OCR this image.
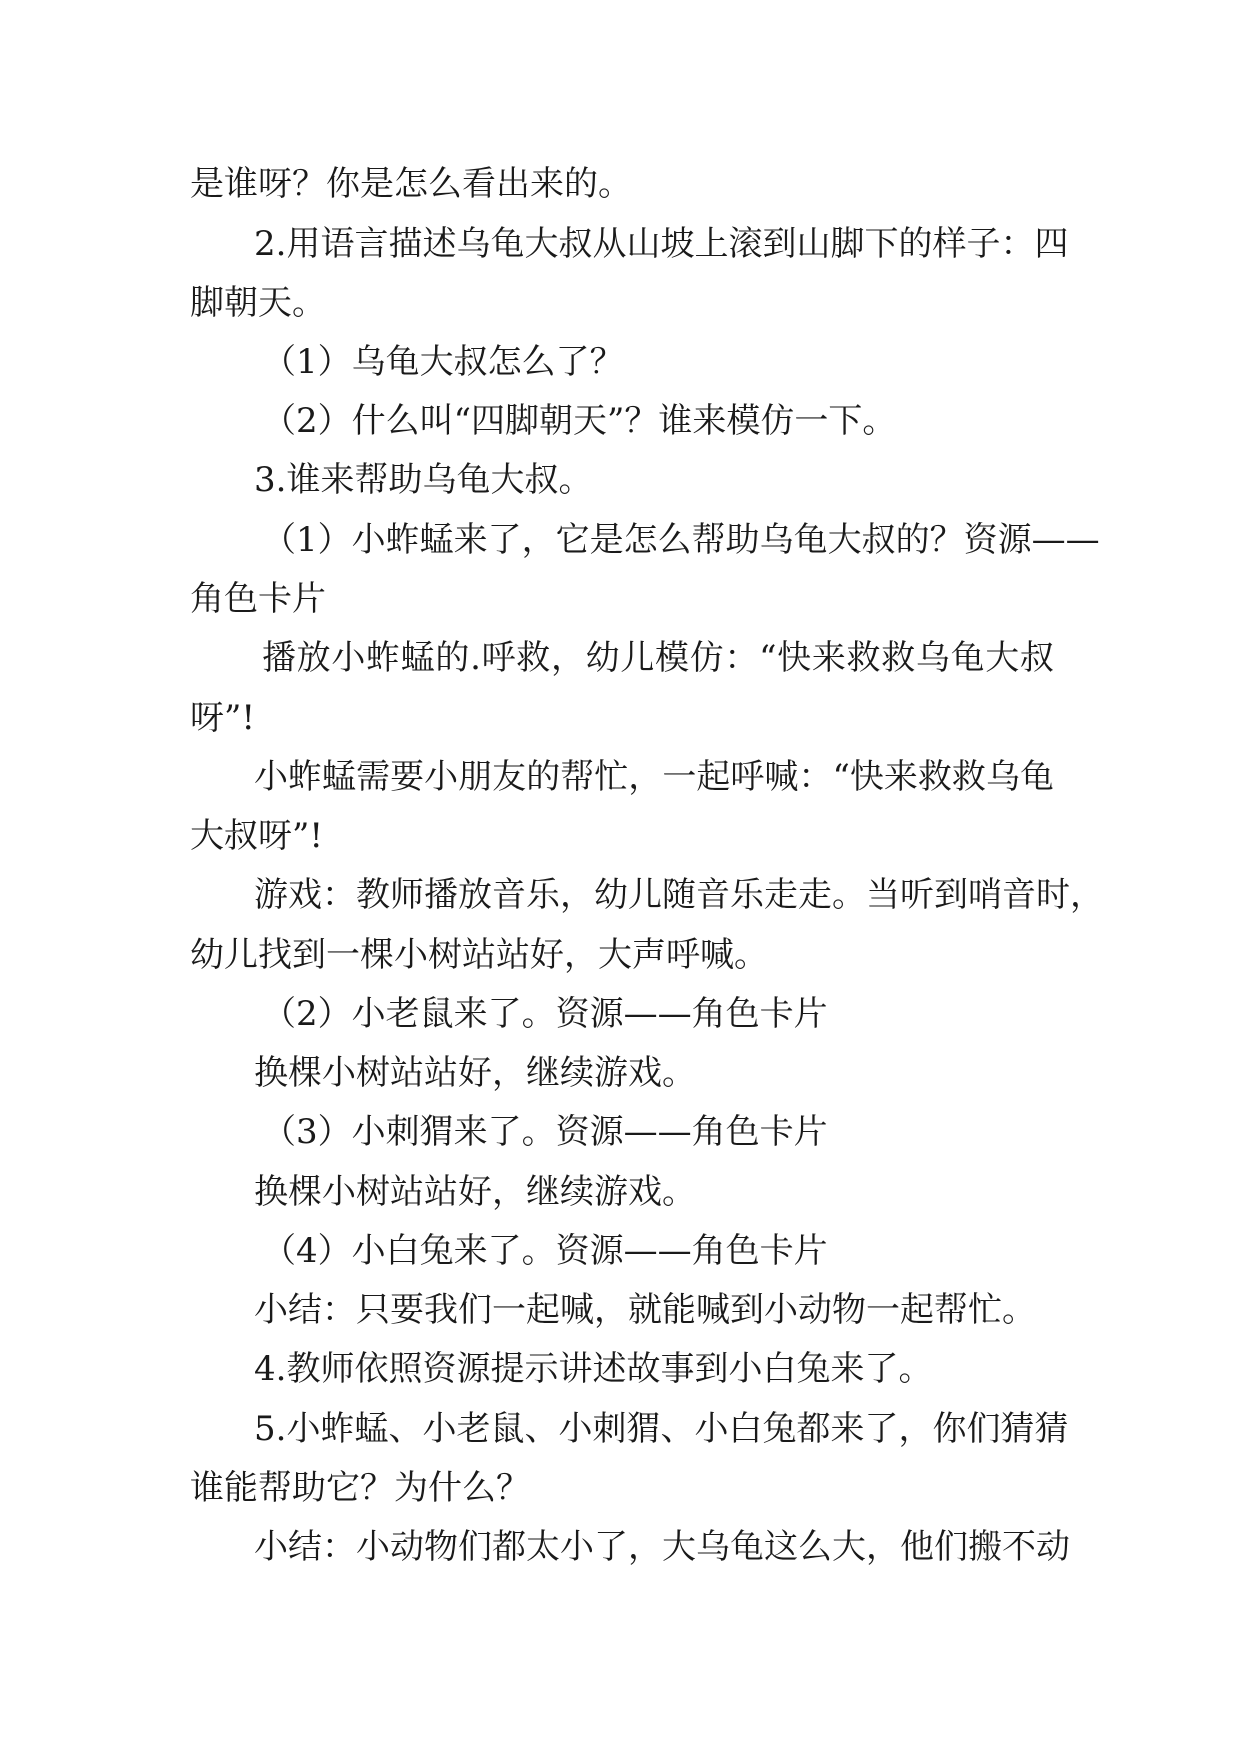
是谁呀？你是怎么看出来的。
2.用语言描述乌龟大叔从山坡上滚到山脚下的样子：四
脚朝天。
（1）乌龟大叔怎么了？
（2）什么叫“四脚朝天”？谁来模仿一下。
3.谁来帮助乌龟大叔。
（1）小蚱蜢来了，它是怎么帮助乌龟大叔的？资源——
角色卡片
播放小蚱蜢的.呼救，幼儿模仿：“快来救救乌龟大叔
呀”!
小蚱蜢需要小朋友的帮忙，一起呼喊：“快来救救乌龟
大叔呀”!
游戏：教师播放音乐，幼儿随音乐走走。当听到哨音时，
幼儿找到一棵小树站站好，大声呼喊。
（2）小老鼠来了。资源——角色卡片
换棵小树站站好，继续游戏。
（3）小刺猬来了。资源——角色卡片
换棵小树站站好，继续游戏。
（4）小白兔来了。资源——角色卡片
小结：只要我们一起喊，就能喊到小动物一起帮忙。
4.教师依照资源提示讲述故事到小白兔来了。
5.小蚱蜢、小老鼠、小刺猬、小白兔都来了，你们猜猜
谁能帮助它？为什么？
小结：小动物们都太小了，大乌龟这么大，他们搬不动
